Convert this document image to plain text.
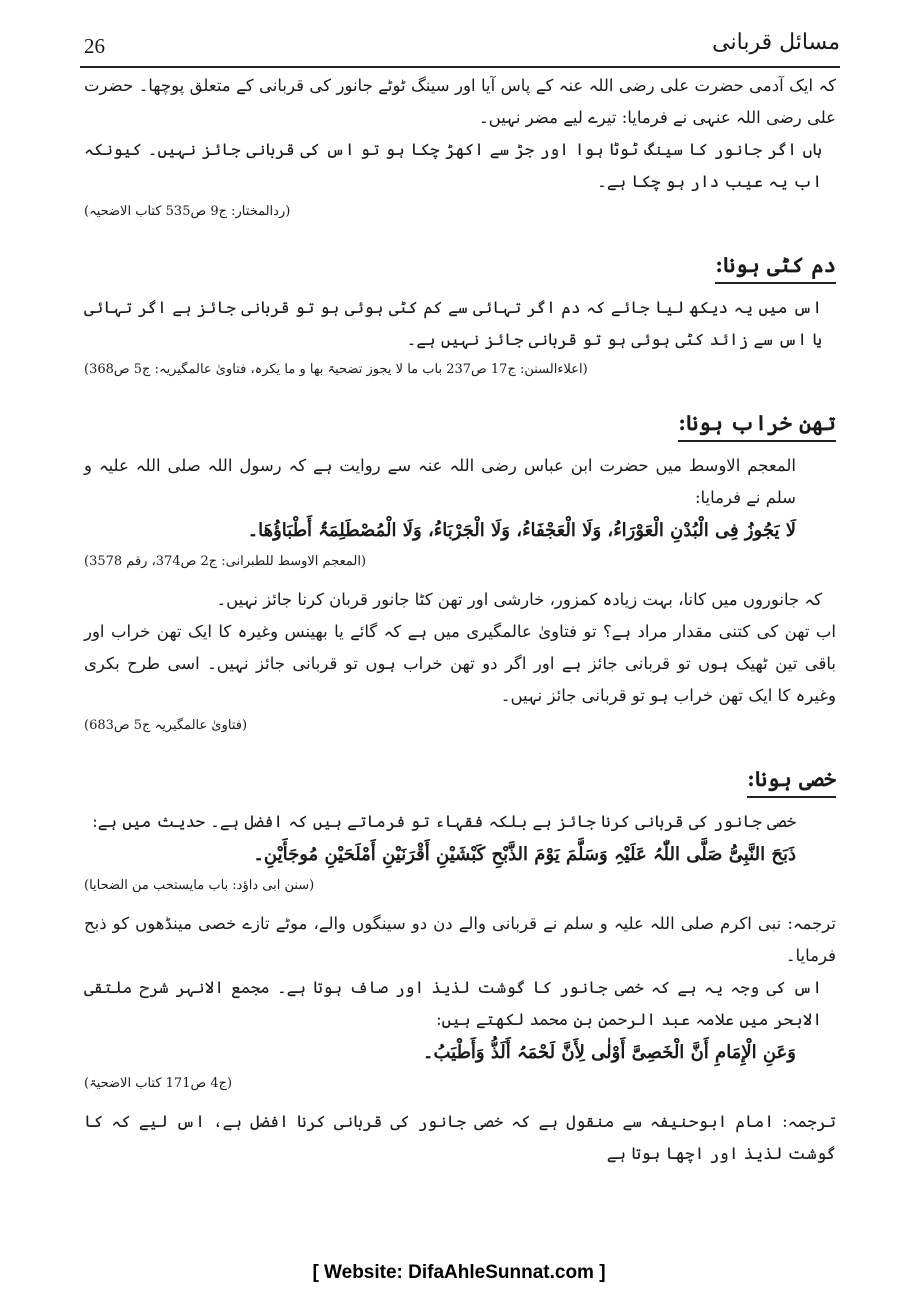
26	مسائل قربانی

کہ ایک آدمی حضرت علی رضی اللہ عنہ کے پاس آیا اور سینگ ٹوٹے جانور کی قربانی کے متعلق پوچھا۔ حضرت علی رضی اللہ عنہی نے فرمایا: تیرے لیے مضر نہیں۔

ہاں اگر جانور کا سینگ ٹوٹا ہوا اور جڑ سے اکھڑ چکا ہو تو اس کی قربانی جائز نہیں۔ کیونکہ اب یہ عیب دار ہو چکا ہے۔

(ردالمختار: ج9 ص535 کتاب الاضحیہ)
دم کٹی ہونا:

اس میں یہ دیکھ لیا جائے کہ دم اگر تہائی سے کم کٹی ہوئی ہو تو قربانی جائز ہے اگر تہائی یا اس سے زائد کٹی ہوئی ہو تو قربانی جائز نہیں ہے۔

(اعلاءالسنن: ج17 ص237 باب ما لا یجوز تضحیۃ بھا و ما یکرہ، فتاویٰ عالمگیریہ: ج5 ص368)
تھن خراب ہونا:

المعجم الاوسط میں حضرت ابن عباس رضی اللہ عنہ سے روایت ہے کہ رسول اللہ صلی اللہ علیہ و سلم نے فرمایا:

لَا یَجُوزُ فِی الْبُدْنِ الْعَوْرَاءُ، وَلَا الْعَجْفَاءُ، وَلَا الْجَرْبَاءُ، وَلَا الْمُصْطَلِمَۃُ أَطْبَاؤُھَا۔

(المعجم الاوسط للطبرانی: ج2 ص374، رقم 3578)

کہ جانوروں میں کانا، بہت زیادہ کمزور، خارشی اور تھن کٹا جانور قربان کرنا جائز نہیں۔

اب تھن کی کتنی مقدار مراد ہے؟ تو فتاویٰ عالمگیری میں ہے کہ گائے یا بھینس وغیرہ کا ایک تھن خراب اور باقی تین ٹھیک ہوں تو قربانی جائز ہے اور اگر دو تھن خراب ہوں تو قربانی جائز نہیں۔ اسی طرح بکری وغیرہ کا ایک تھن خراب ہو تو قربانی جائز نہیں۔

(فتاویٰ عالمگیریہ ج5 ص683)
خصی ہونا:

خصی جانور کی قربانی کرنا جائز ہے بلکہ فقہاء تو فرماتے ہیں کہ افضل ہے۔ حدیث میں ہے:

ذَبَحَ النَّبِیُّ صَلَّی اللّٰہُ عَلَیْہِ وَسَلَّمَ یَوْمَ الذَّبْحِ کَبْشَیْنِ أَقْرَنَیْنِ أَمْلَحَیْنِ مُوجَأَیْنِ۔

(سنن ابی داؤد: باب مایستحب من الضحایا)

ترجمہ: نبی اکرم صلی اللہ علیہ و سلم نے قربانی والے دن دو سینگوں والے، موٹے تازے خصی مینڈھوں کو ذبح فرمایا۔

اس کی وجہ یہ ہے کہ خصی جانور کا گوشت لذیذ اور صاف ہوتا ہے۔ مجمع الانہر شرح ملتقی الابحر میں علامہ عبد الرحمن بن محمد لکھتے ہیں:

وَعَنِ الْإِمَامِ أَنَّ الْخَصِیَّ أَوْلٰی لِأَنَّ لَحْمَہُ أَلَذُّ وَأَطْیَبُ۔

(ج4 ص171 کتاب الاضحیۃ)

ترجمہ: امام ابوحنیفہ سے منقول ہے کہ خصی جانور کی قربانی کرنا افضل ہے، اس لیے کہ کا گوشت لذیذ اور اچھا ہوتا ہے

[ Website: DifaAhleSunnat.com ]
